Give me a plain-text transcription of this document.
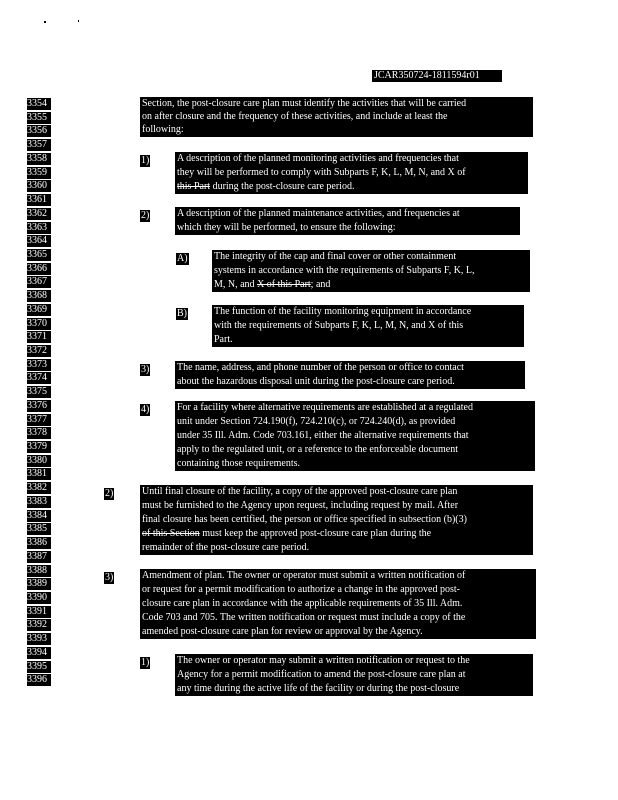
JCAR350724-1811594r01
3354
3355
3356
3357
3358
3359
3360
3361
3362
3363
3364
3365
3366
3367
3368
3369
3370
3371
3372
3373
3374
3375
3376
3377
3378
3379
3380
3381
3382
3383
3384
3385
3386
3387
3388
3389
3390
3391
3392
3393
3394
3395
3396
Section, the post-closure care plan must identify the activities that will be carried
on after closure and the frequency of these activities, and include at least the
following:
1)	A description of the planned monitoring activities and frequencies that
they will be performed to comply with Subparts F, K, L, M, N, and X of
this Part during the post-closure care period.
2)	A description of the planned maintenance activities, and frequencies at
which they will be performed, to ensure the following:
A)	The integrity of the cap and final cover or other containment
systems in accordance with the requirements of Subparts F, K, L,
M, N, and X of this Part; and
B)	The function of the facility monitoring equipment in accordance
with the requirements of Subparts F, K, L, M, N, and X of this
Part.
3)	The name, address, and phone number of the person or office to contact
about the hazardous disposal unit during the post-closure care period.
4)	For a facility where alternative requirements are established at a regulated
unit under Section 724.190(f), 724.210(c), or 724.240(d), as provided
under 35 Ill. Adm. Code 703.161, either the alternative requirements that
apply to the regulated unit, or a reference to the enforceable document
containing those requirements.
2)	Until final closure of the facility, a copy of the approved post-closure care plan
must be furnished to the Agency upon request, including request by mail. After
final closure has been certified, the person or office specified in subsection (b)(3)
of this Section must keep the approved post-closure care plan during the
remainder of the post-closure care period.
3)	Amendment of plan. The owner or operator must submit a written notification of
or request for a permit modification to authorize a change in the approved post-
closure care plan in accordance with the applicable requirements of 35 Ill. Adm.
Code 703 and 705. The written notification or request must include a copy of the
amended post-closure care plan for review or approval by the Agency.
1)	The owner or operator may submit a written notification or request to the
Agency for a permit modification to amend the post-closure care plan at
any time during the active life of the facility or during the post-closure
